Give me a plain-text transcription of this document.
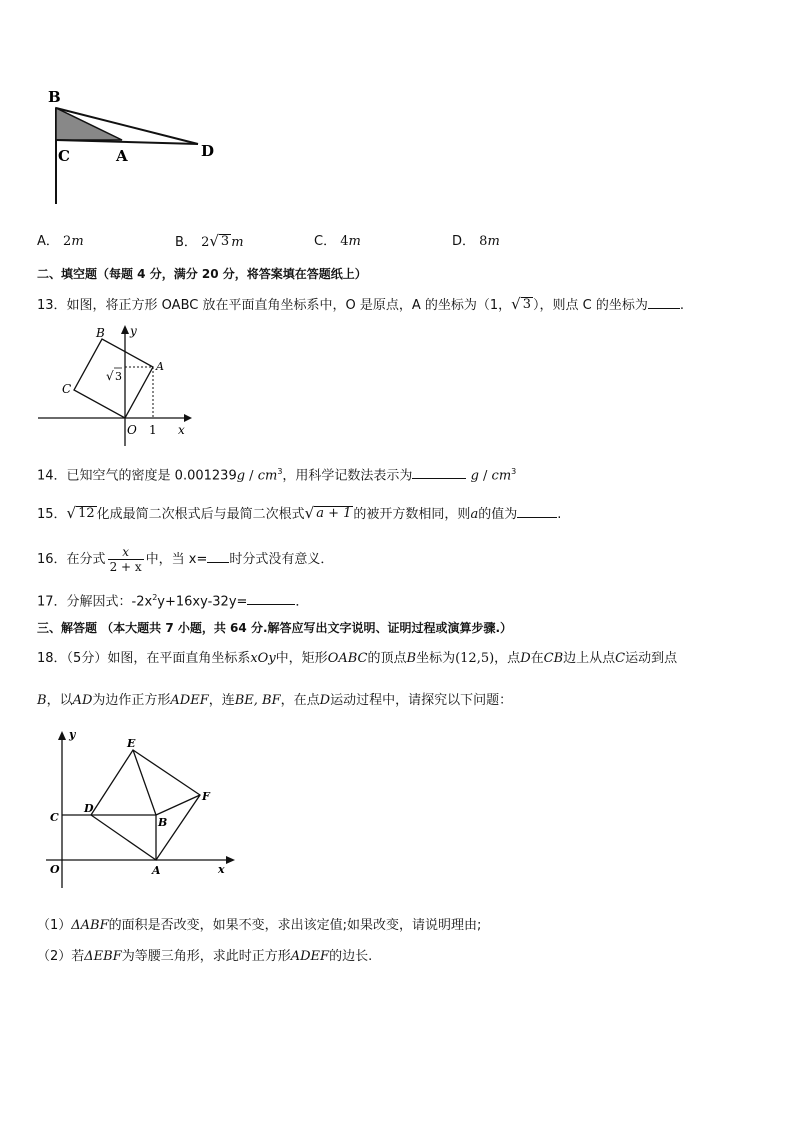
B
C	A	D
A． 2m	B． 2 √ 3 m	C． 4m	D． 8m
二、填空题（每题 4 分，满分 20 分，将答案填在答题纸上）
13．如图，将正方形 OABC 放在平面直角坐标系中，O 是原点，A 的坐标为（1， √ 3 ），则点 C 的坐标为 .
B y
A
C
O 1 x
√ 3
14．已知空气的密度是 $0.001239g / cm^3$，用科学记数法表示为	g / $cm^3$
15． √ 12 化成最简二次根式后与最简二次根式 √ a + 1 的被开方数相同，则a的值为	.
16．在分式 $\frac{x}{2 + x}$ 中，当 x= 时分式没有意义．
17．分解因式：$-2x^2y+16xy-32y=$	．
三、解答题 （本大题共 7 小题，共 64 分.解答应写出文字说明、证明过程或演算步骤.）
18．（5分）如图，在平面直角坐标系xOy中，矩形OABC的顶点B坐标为(12,5)，点D在CB边上从点C运动到点
B，以AD为边作正方形ADEF，连BE, BF，在点D运动过程中，请探究以下问题：
y
E
F
C
D
B
O	A	x
（1）ΔABF的面积是否改变，如果不变，求出该定值;如果改变，请说明理由;
（2）若ΔEBF为等腰三角形，求此时正方形ADEF的边长.
